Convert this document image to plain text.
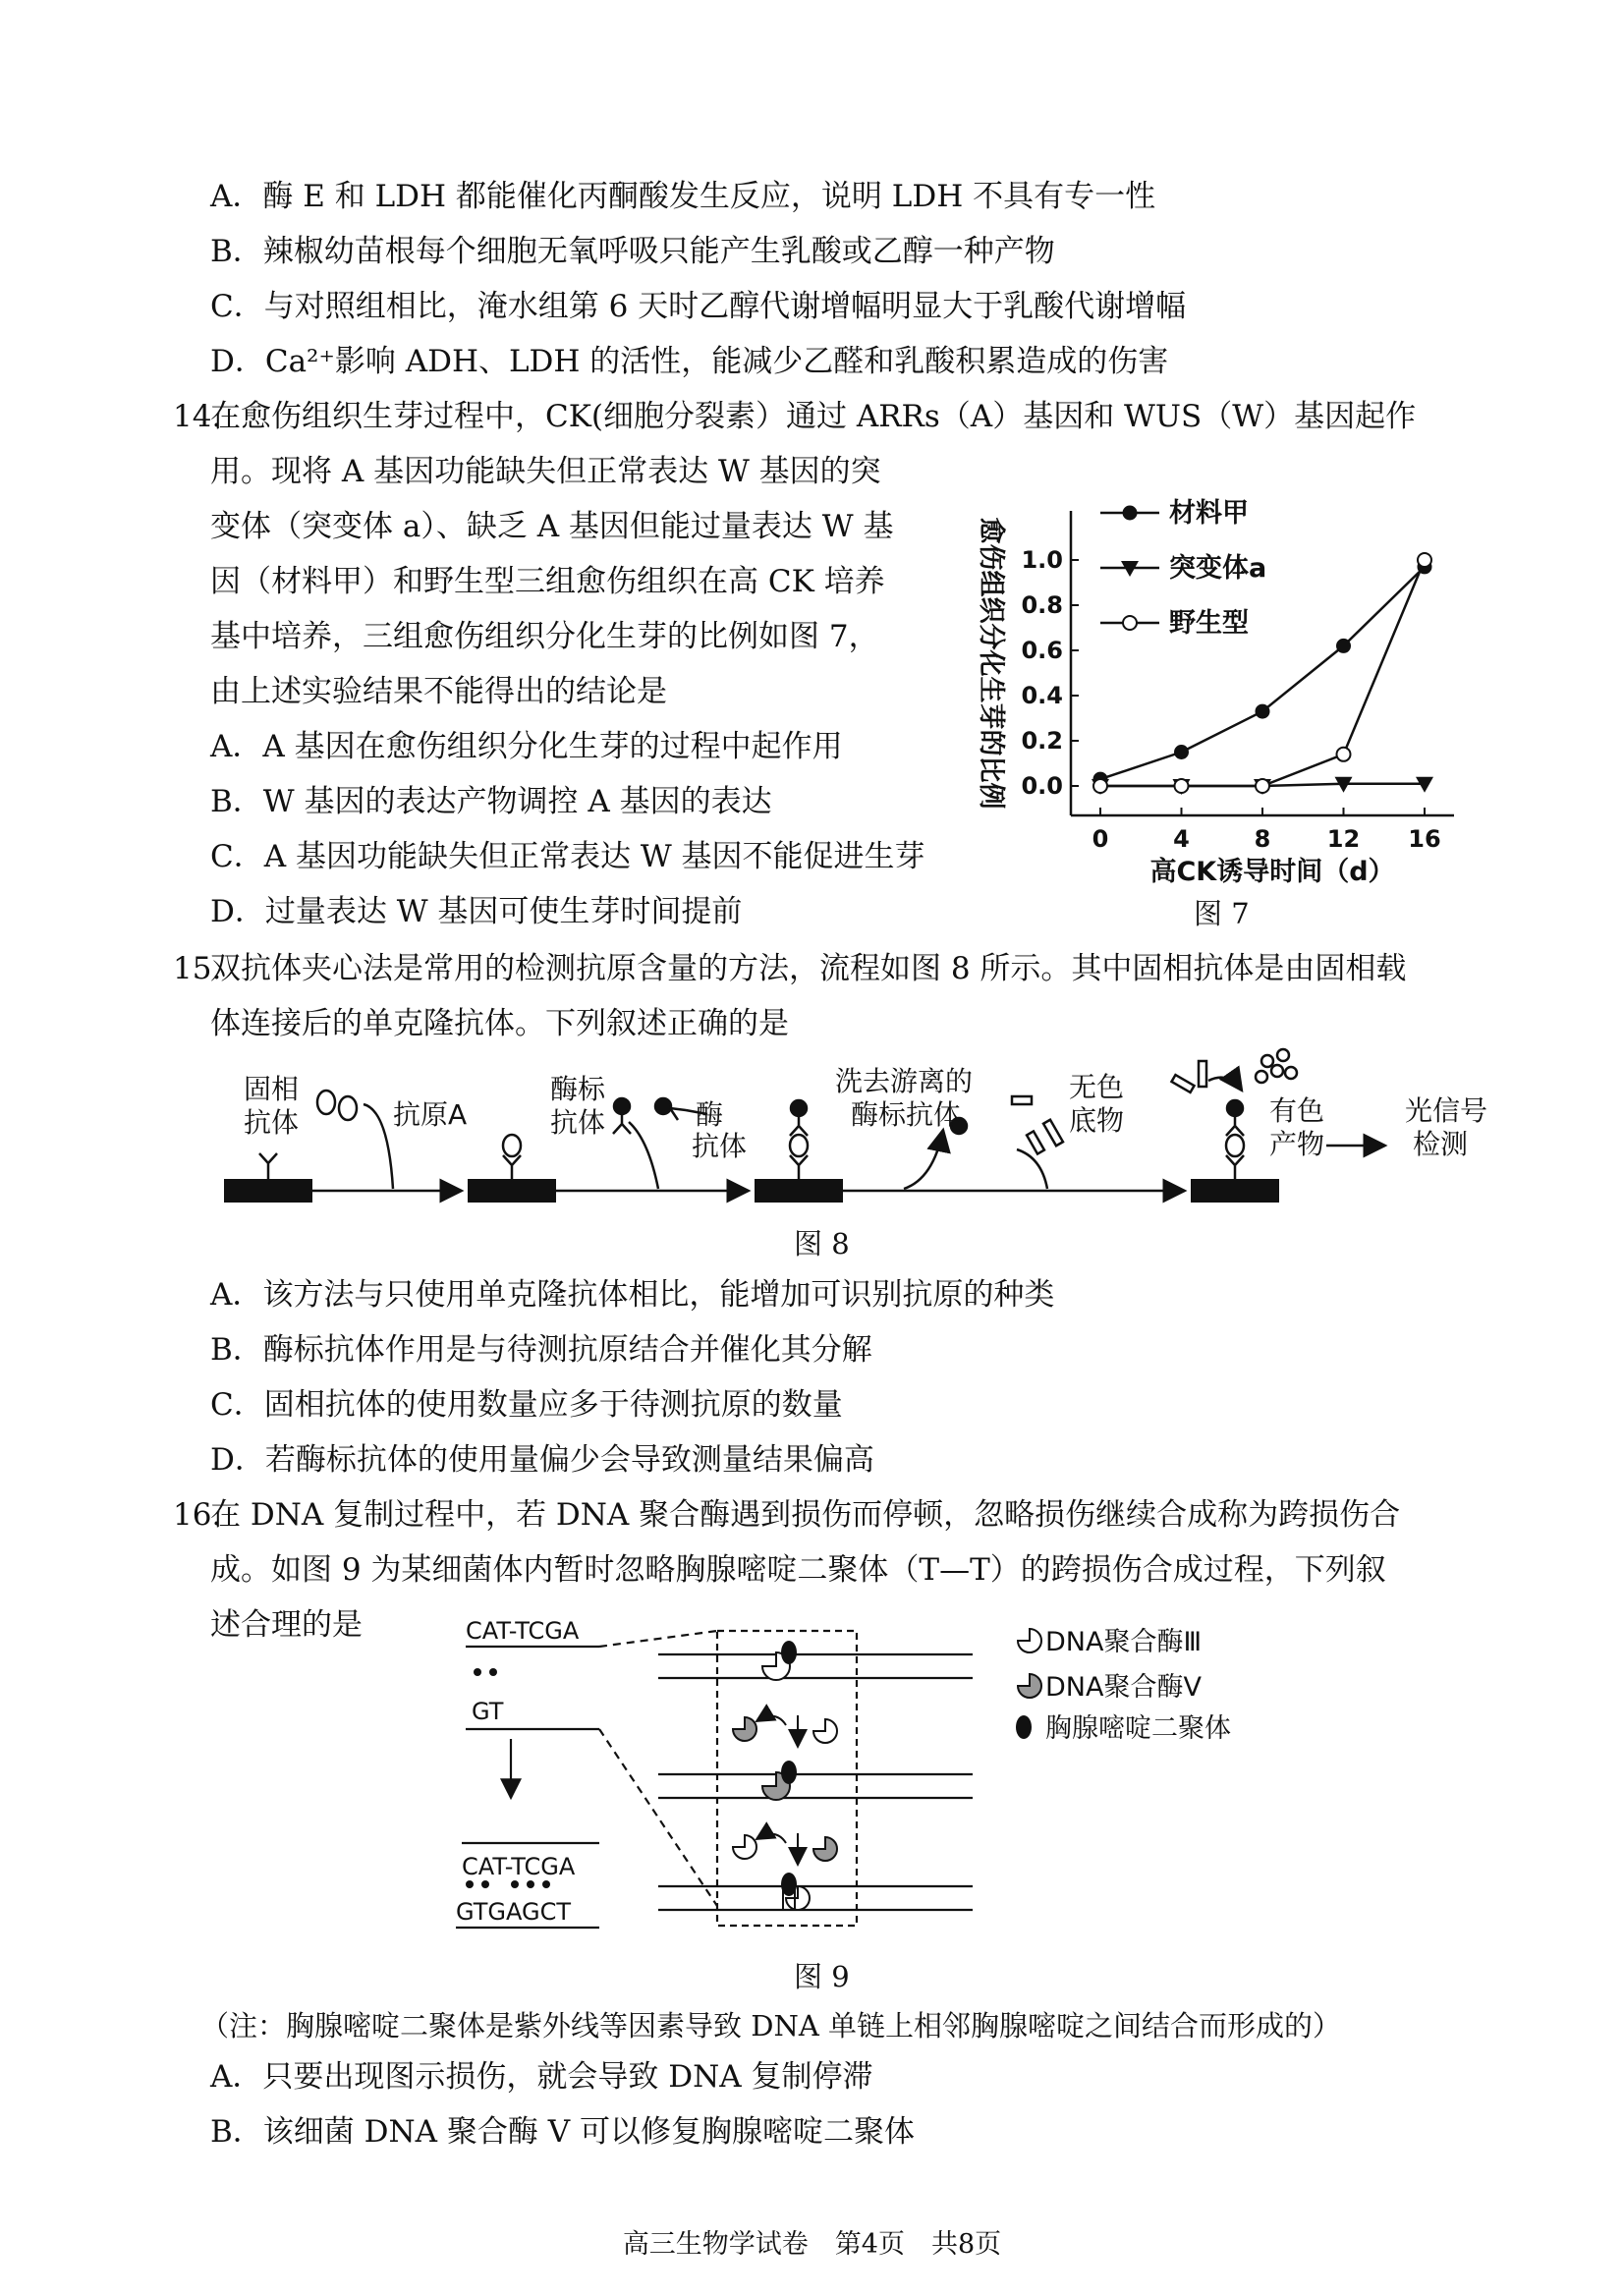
A．酶 E 和 LDH 都能催化丙酮酸发生反应，说明 LDH 不具有专一性
B．辣椒幼苗根每个细胞无氧呼吸只能产生乳酸或乙醇一种产物
C．与对照组相比，淹水组第 6 天时乙醇代谢增幅明显大于乳酸代谢增幅
D．Ca²⁺影响 ADH、LDH 的活性，能减少乙醛和乳酸积累造成的伤害
14.
在愈伤组织生芽过程中，CK(细胞分裂素）通过 ARRs（A）基因和 WUS（W）基因起作
用。现将 A 基因功能缺失但正常表达 W 基因的突
变体（突变体 a）、缺乏 A 基因但能过量表达 W 基
因（材料甲）和野生型三组愈伤组织在高 CK 培养
基中培养，三组愈伤组织分化生芽的比例如图 7，
由上述实验结果不能得出的结论是
A．A 基因在愈伤组织分化生芽的过程中起作用
B．W 基因的表达产物调控 A 基因的表达
C．A 基因功能缺失但正常表达 W 基因不能促进生芽
D．过量表达 W 基因可使生芽时间提前
0.0
0.2
0.4
0.6
0.8
1.0
0	4	8 12 16
高CK诱导时间（d）
愈伤组织分化生芽的比例
材料甲
突变体a
野生型
图 7
15.
双抗体夹心法是常用的检测抗原含量的方法，流程如图 8 所示。其中固相抗体是由固相载
体连接后的单克隆抗体。下列叙述正确的是
固相
抗体	抗原A
酶标
抗体	酶
抗体
洗去游离的
酶标抗体
无色
底物	有色
产物
光信号
检测
图 8
A．该方法与只使用单克隆抗体相比，能增加可识别抗原的种类
B．酶标抗体作用是与待测抗原结合并催化其分解
C．固相抗体的使用数量应多于待测抗原的数量
D．若酶标抗体的使用量偏少会导致测量结果偏高
16.
在 DNA 复制过程中，若 DNA 聚合酶遇到损伤而停顿，忽略损伤继续合成称为跨损伤合
成。如图 9 为某细菌体内暂时忽略胸腺嘧啶二聚体（T—T）的跨损伤合成过程，下列叙
述合理的是	CAT-TCGA
GT
CAT-TCGA
GTGAGCT
DNA聚合酶Ⅲ
DNA聚合酶Ⅴ
胸腺嘧啶二聚体
图 9
（注：胸腺嘧啶二聚体是紫外线等因素导致 DNA 单链上相邻胸腺嘧啶之间结合而形成的）
A．只要出现图示损伤，就会导致 DNA 复制停滞
B．该细菌 DNA 聚合酶 V 可以修复胸腺嘧啶二聚体
高三生物学试卷　第4页　共8页
